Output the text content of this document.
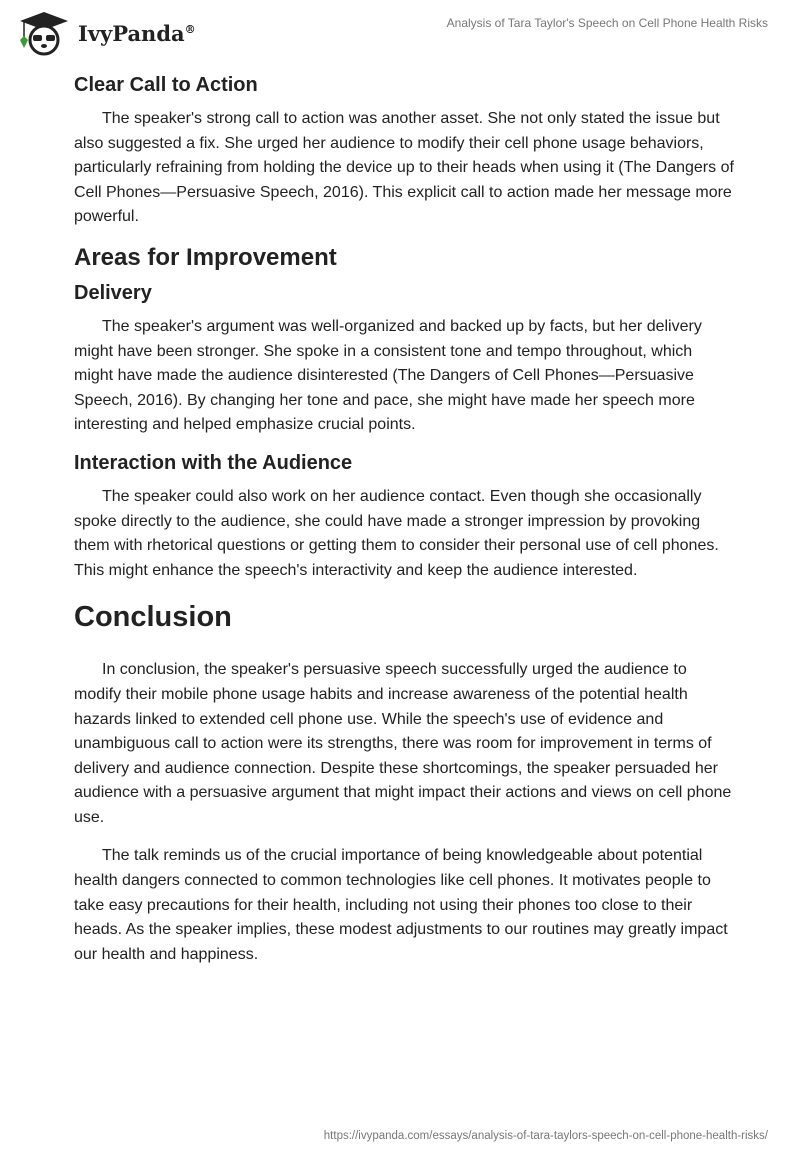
IvyPanda®	Analysis of Tara Taylor's Speech on Cell Phone Health Risks
Clear Call to Action

The speaker's strong call to action was another asset. She not only stated the issue but also suggested a fix. She urged her audience to modify their cell phone usage behaviors, particularly refraining from holding the device up to their heads when using it (The Dangers of Cell Phones—Persuasive Speech, 2016). This explicit call to action made her message more powerful.

Areas for Improvement
Delivery

The speaker's argument was well-organized and backed up by facts, but her delivery might have been stronger. She spoke in a consistent tone and tempo throughout, which might have made the audience disinterested (The Dangers of Cell Phones—Persuasive Speech, 2016). By changing her tone and pace, she might have made her speech more interesting and helped emphasize crucial points.

Interaction with the Audience

The speaker could also work on her audience contact. Even though she occasionally spoke directly to the audience, she could have made a stronger impression by provoking them with rhetorical questions or getting them to consider their personal use of cell phones. This might enhance the speech's interactivity and keep the audience interested.

Conclusion

In conclusion, the speaker's persuasive speech successfully urged the audience to modify their mobile phone usage habits and increase awareness of the potential health hazards linked to extended cell phone use. While the speech's use of evidence and unambiguous call to action were its strengths, there was room for improvement in terms of delivery and audience connection. Despite these shortcomings, the speaker persuaded her audience with a persuasive argument that might impact their actions and views on cell phone use.

The talk reminds us of the crucial importance of being knowledgeable about potential health dangers connected to common technologies like cell phones. It motivates people to take easy precautions for their health, including not using their phones too close to their heads. As the speaker implies, these modest adjustments to our routines may greatly impact our health and happiness.

https://ivypanda.com/essays/analysis-of-tara-taylors-speech-on-cell-phone-health-risks/
